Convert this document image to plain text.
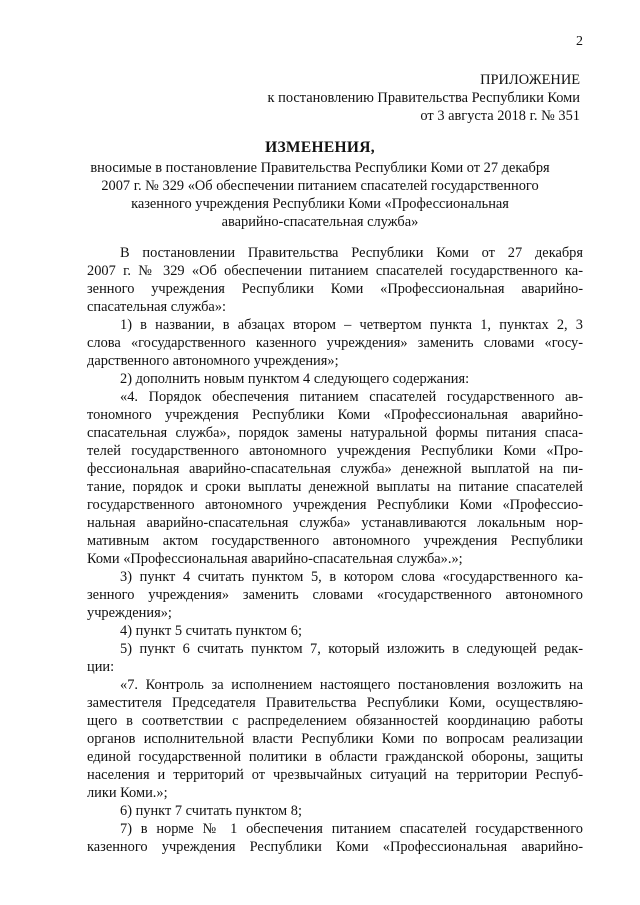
2
ПРИЛОЖЕНИЕ
к постановлению Правительства Республики Коми
от 3 августа 2018 г. № 351
ИЗМЕНЕНИЯ,
вносимые в постановление Правительства Республики Коми от 27 декабря
2007 г. № 329 «Об обеспечении питанием спасателей государственного
казенного учреждения Республики Коми «Профессиональная
аварийно-спасательная служба»
В постановлении Правительства Республики Коми от 27 декабря
2007 г. № 329 «Об обеспечении питанием спасателей государственного ка-
зенного учреждения Республики Коми «Профессиональная аварийно-
спасательная служба»:
1) в названии, в абзацах втором – четвертом пункта 1, пунктах 2, 3
слова «государственного казенного учреждения» заменить словами «госу-
дарственного автономного учреждения»;
2) дополнить новым пунктом 4 следующего содержания:
«4. Порядок обеспечения питанием спасателей государственного ав-
тономного учреждения Республики Коми «Профессиональная аварийно-
спасательная служба», порядок замены натуральной формы питания спаса-
телей государственного автономного учреждения Республики Коми «Про-
фессиональная аварийно-спасательная служба» денежной выплатой на пи-
тание, порядок и сроки выплаты денежной выплаты на питание спасателей
государственного автономного учреждения Республики Коми «Профессио-
нальная аварийно-спасательная служба» устанавливаются локальным нор-
мативным актом государственного автономного учреждения Республики
Коми «Профессиональная аварийно-спасательная служба».»;
3) пункт 4 считать пунктом 5, в котором слова «государственного ка-
зенного учреждения» заменить словами «государственного автономного
учреждения»;
4) пункт 5 считать пунктом 6;
5) пункт 6 считать пунктом 7, который изложить в следующей редак-
ции:
«7. Контроль за исполнением настоящего постановления возложить на
заместителя Председателя Правительства Республики Коми, осуществляю-
щего в соответствии с распределением обязанностей координацию работы
органов исполнительной власти Республики Коми по вопросам реализации
единой государственной политики в области гражданской обороны, защиты
населения и территорий от чрезвычайных ситуаций на территории Респуб-
лики Коми.»;
6) пункт 7 считать пунктом 8;
7) в норме № 1 обеспечения питанием спасателей государственного
казенного учреждения Республики Коми «Профессиональная аварийно-
